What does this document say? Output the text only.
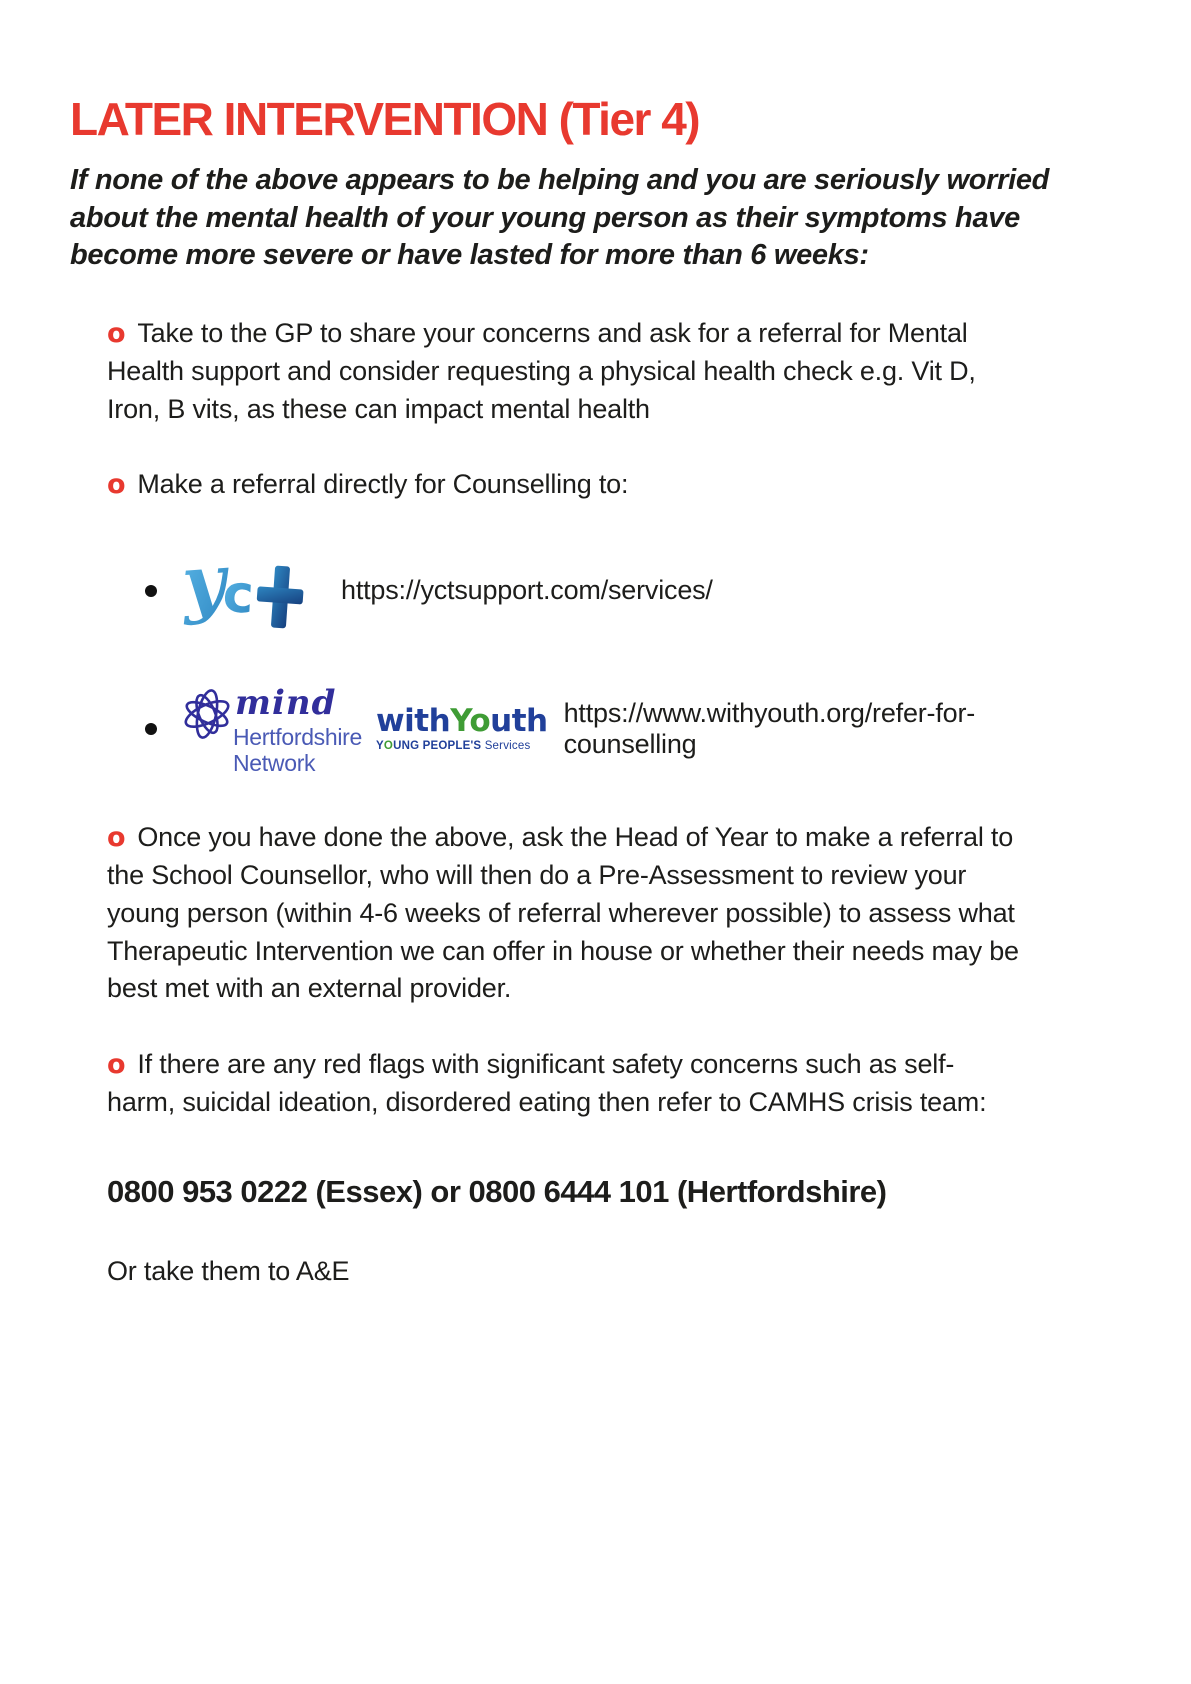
LATER INTERVENTION (Tier 4)

If none of the above appears to be helping and you are seriously worried about the mental health of your young person as their symptoms have become more severe or have lasted for more than 6 weeks:

o Take to the GP to share your concerns and ask for a referral for Mental Health support and consider requesting a physical health check e.g. Vit D, Iron, B vits, as these can impact mental health

o Make a referral directly for Counselling to:

y
c	https://yctsupport.com/services/
mind
Hertfordshire
Network
withYouth
YOUNG PEOPLE'S Services
https://www.withyouth.org/refer-for-counselling

o Once you have done the above, ask the Head of Year to make a referral to the School Counsellor, who will then do a Pre-Assessment to review your young person (within 4-6 weeks of referral wherever possible) to assess what Therapeutic Intervention we can offer in house or whether their needs may be best met with an external provider.

o If there are any red flags with significant safety concerns such as self-harm, suicidal ideation, disordered eating then refer to CAMHS crisis team:

0800 953 0222 (Essex) or 0800 6444 101 (Hertfordshire)

Or take them to A&E
